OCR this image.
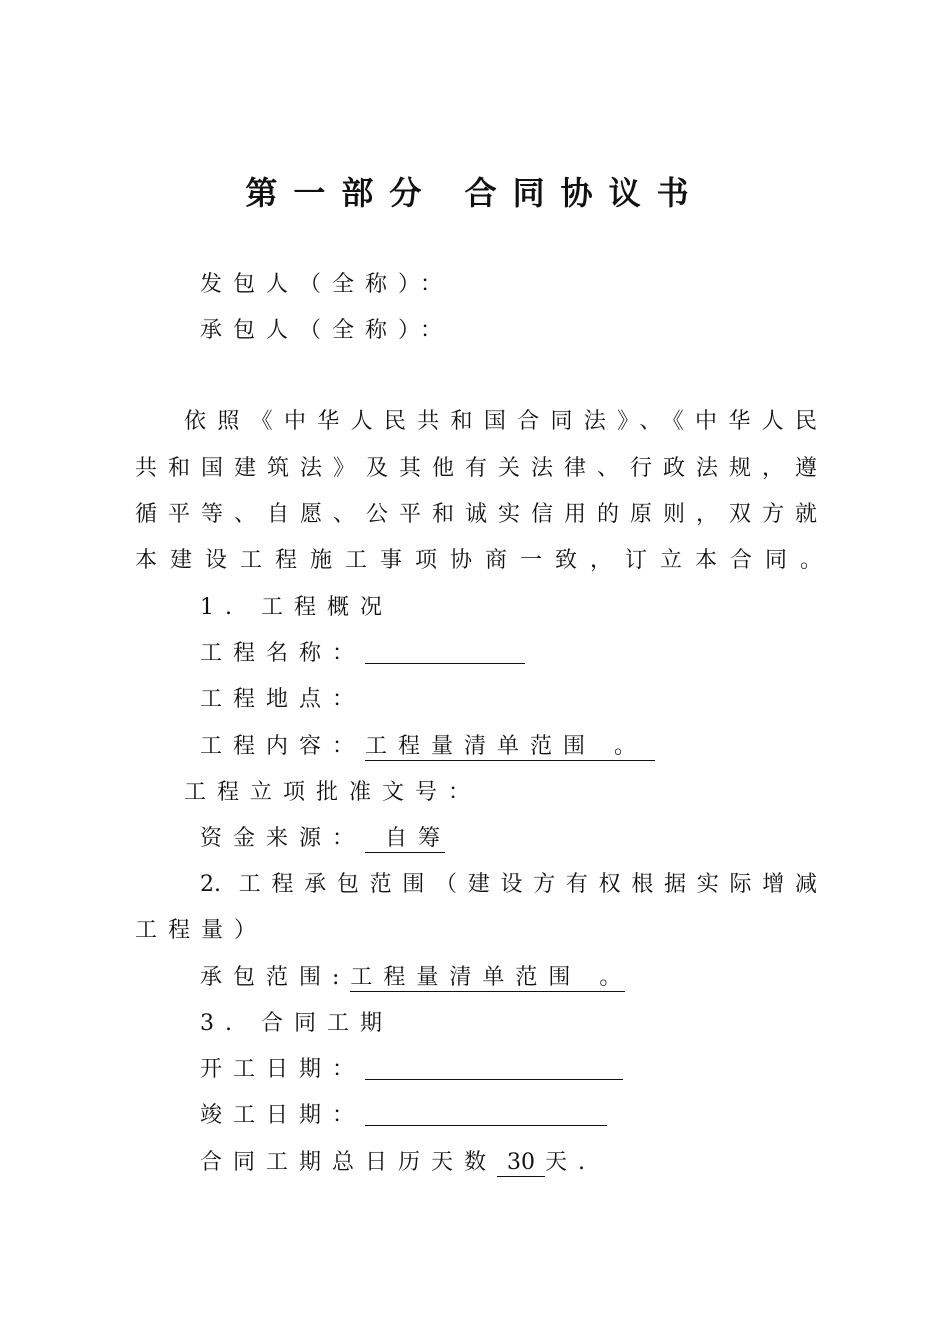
第一部分 合同协议书
发包人（全称）：
承包人（全称）：
依照《中华人民共和国合同法》、《中华人民
共和国建筑法》及其他有关法律、行政法规，遵
循平等、自愿、公平和诚实信用的原则，双方就
本建设工程施工事项协商一致，订立本合同。
1. 工程概况
工程名称：
工程地点：
工程内容：工程量清单范围 。
工程立项批准文号：
资金来源： 自筹
2. 工程承包范围（建设方有权根据实际增减
工程量）
承包范围:工程量清单范围 。
3. 合同工期
开工日期：
竣工日期：
合同工期总日历天数 30 天.
